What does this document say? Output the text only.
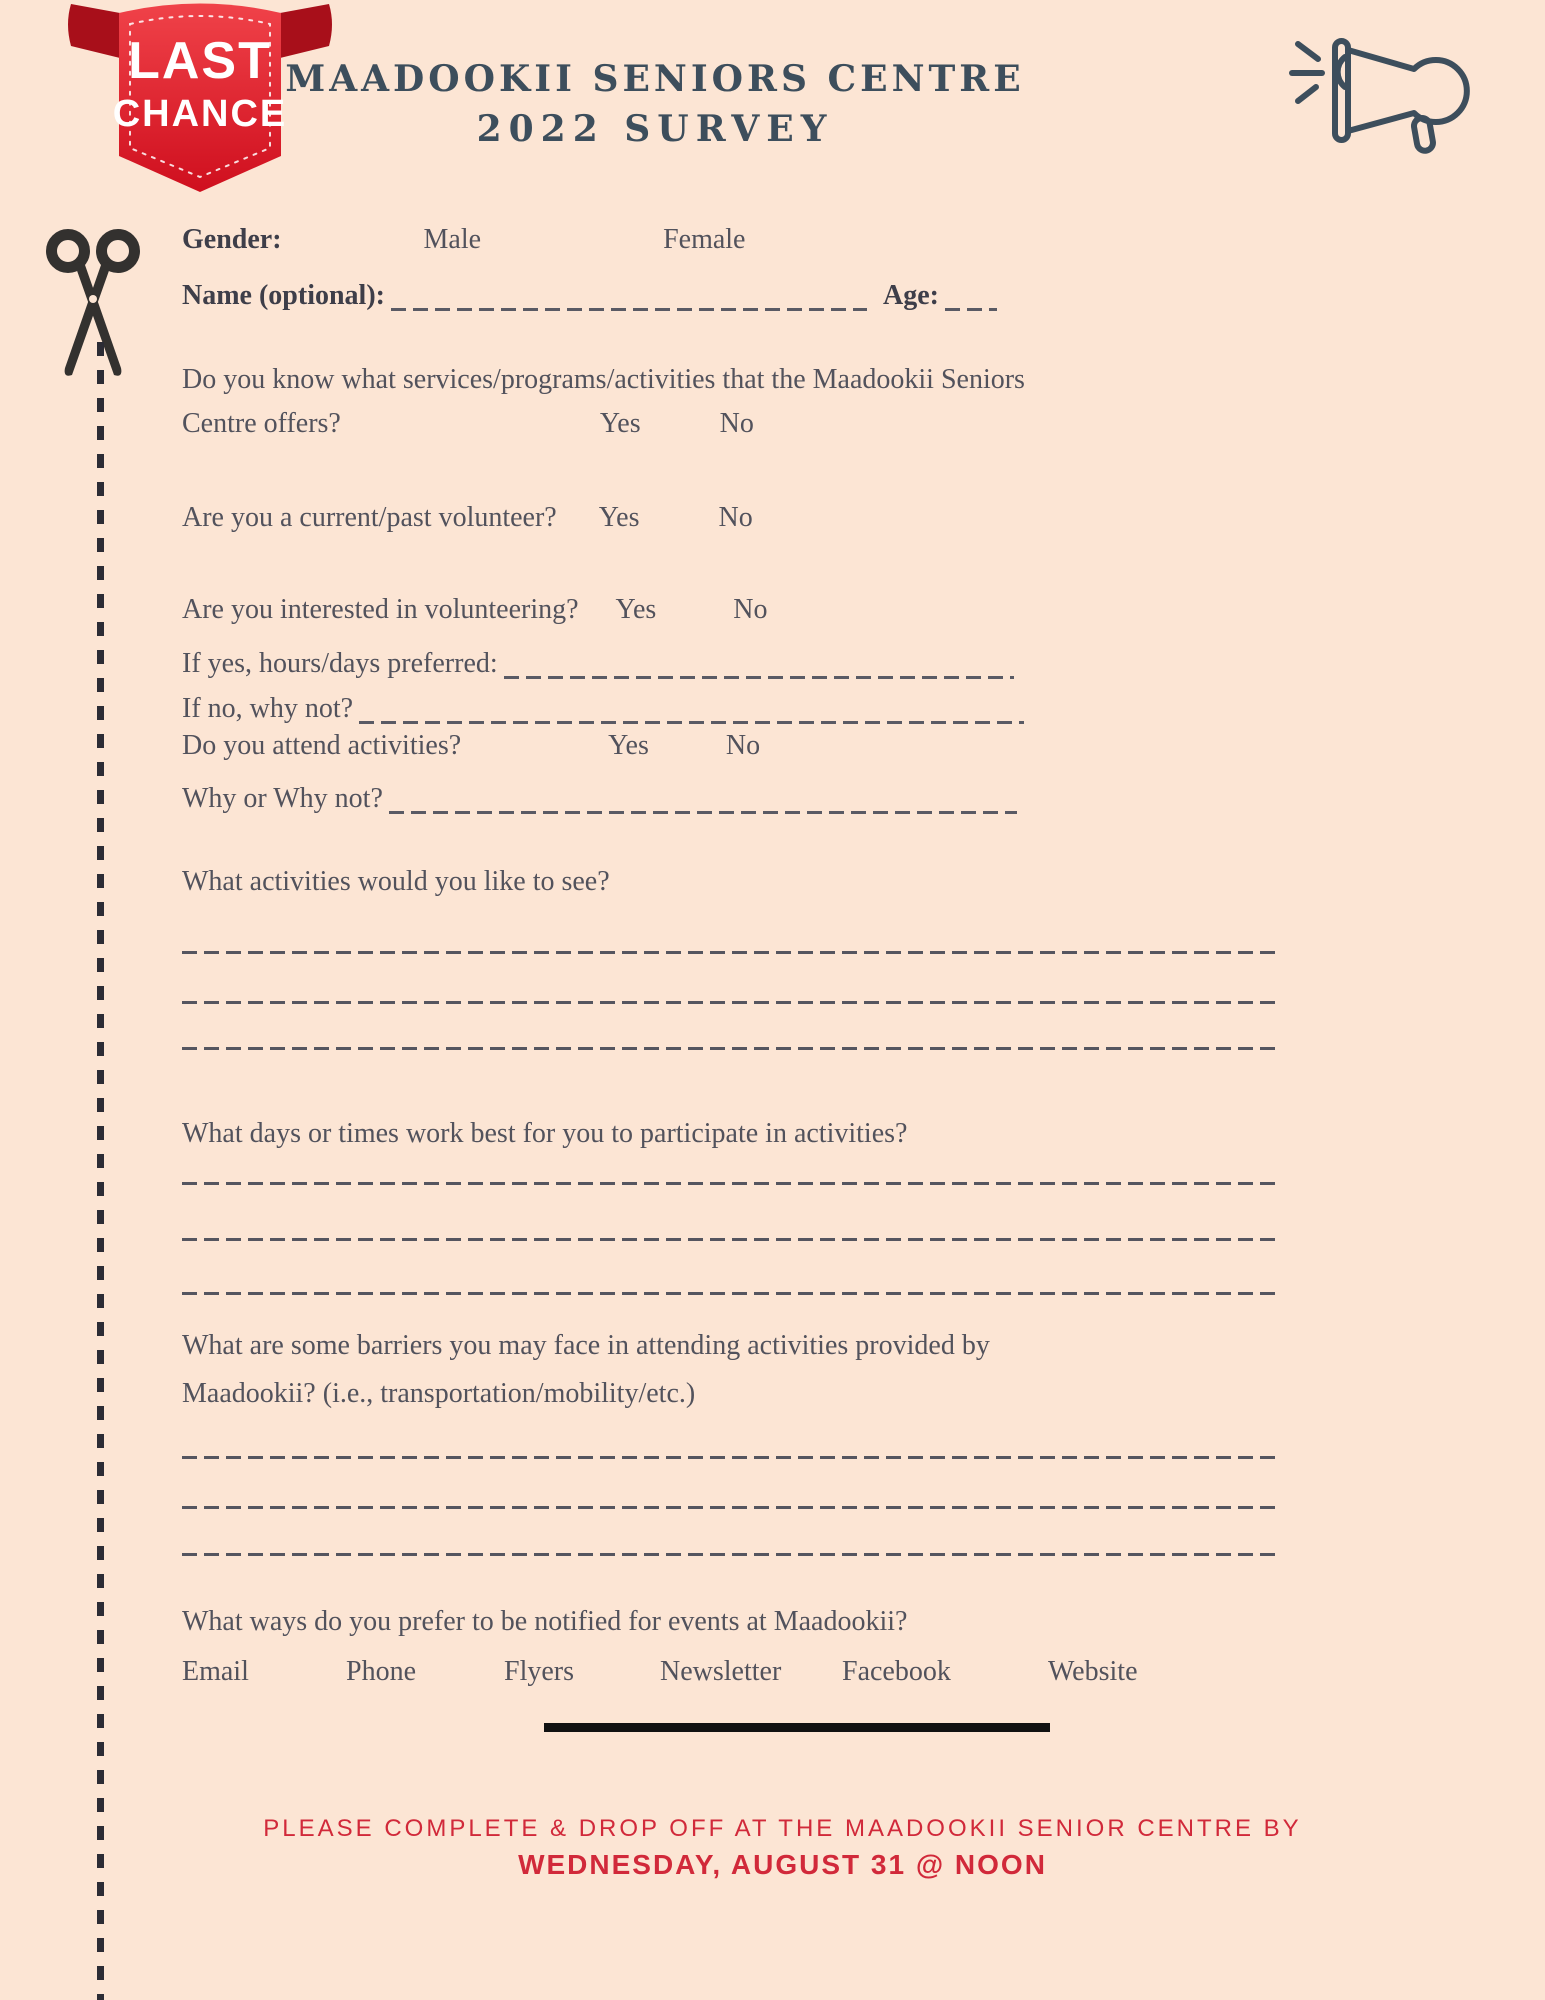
LAST
CHANCE
MAADOOKII SENIORS CENTRE
2022 SURVEY
Gender:	Male	Female
Name (optional):	Age:
Do you know what services/programs/activities that the Maadookii Seniors
Centre offers?	Yes	No
Are you a current/past volunteer? Yes	No
Are you interested in volunteering? Yes	No
If yes, hours/days preferred:
If no, why not?
Do you attend activities?	Yes	No
Why or Why not?
What activities would you like to see?
What days or times work best for you to participate in activities?
What are some barriers you may face in attending activities provided by
Maadookii? (i.e., transportation/mobility/etc.)
What ways do you prefer to be notified for events at Maadookii?
Email	Phone	Flyers	Newsletter Facebook	Website
PLEASE COMPLETE & DROP OFF AT THE MAADOOKII SENIOR CENTRE BY
WEDNESDAY, AUGUST 31 @ NOON
